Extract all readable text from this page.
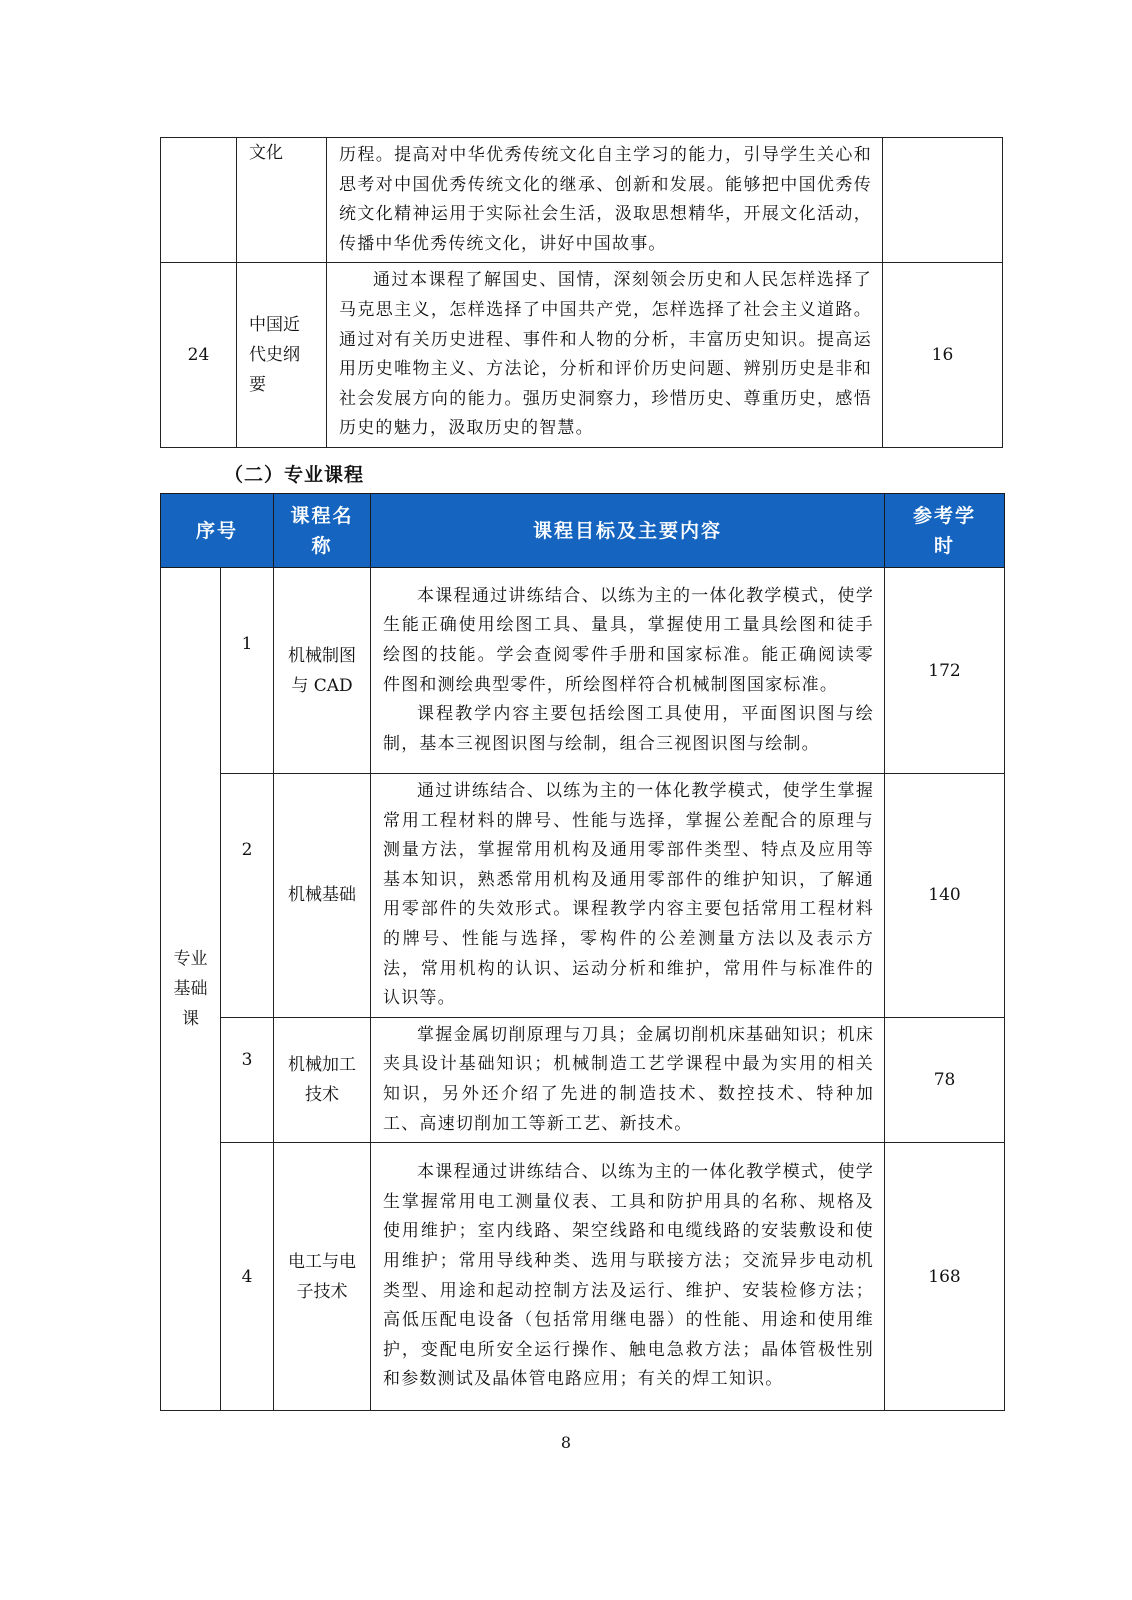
	文化	历程。提高对中华优秀传统文化自主学习的能力，引导学生关心和思考对中国优秀传统文化的继承、创新和发展。能够把中国优秀传统文化精神运用于实际社会生活，汲取思想精华，开展文化活动，传播中华优秀传统文化，讲好中国故事。	

24	中国近代史纲要	通过本课程了解国史、国情，深刻领会历史和人民怎样选择了马克思主义，怎样选择了中国共产党，怎样选择了社会主义道路。通过对有关历史进程、事件和人物的分析，丰富历史知识。提高运用历史唯物主义、方法论，分析和评价历史问题、辨别历史是非和社会发展方向的能力。强历史洞察力，珍惜历史、尊重历史，感悟历史的魅力，汲取历史的智慧。	16
（二）专业课程
序号		课程名称	课程目标及主要内容	参考学时
专业基础课	1	机械制图与 CAD	本课程通过讲练结合、以练为主的一体化教学模式，使学生能正确使用绘图工具、量具，掌握使用工量具绘图和徒手绘图的技能。学会查阅零件手册和国家标准。能正确阅读零件图和测绘典型零件，所绘图样符合机械制图国家标准。

课程教学内容主要包括绘图工具使用，平面图识图与绘制，基本三视图识图与绘制，组合三视图识图与绘制。	172
	2	机械基础	通过讲练结合、以练为主的一体化教学模式，使学生掌握常用工程材料的牌号、性能与选择，掌握公差配合的原理与测量方法，掌握常用机构及通用零部件类型、特点及应用等基本知识，熟悉常用机构及通用零部件的维护知识，了解通用零部件的失效形式。课程教学内容主要包括常用工程材料的牌号、性能与选择，零构件的公差测量方法以及表示方法，常用机构的认识、运动分析和维护，常用件与标准件的认识等。	140
	3	机械加工技术	掌握金属切削原理与刀具；金属切削机床基础知识；机床夹具设计基础知识；机械制造工艺学课程中最为实用的相关知识，另外还介绍了先进的制造技术、数控技术、特种加工、高速切削加工等新工艺、新技术。	78
	4	电工与电子技术	本课程通过讲练结合、以练为主的一体化教学模式，使学生掌握常用电工测量仪表、工具和防护用具的名称、规格及使用维护；室内线路、架空线路和电缆线路的安装敷设和使用维护；常用导线种类、选用与联接方法；交流异步电动机类型、用途和起动控制方法及运行、维护、安装检修方法；高低压配电设备（包括常用继电器）的性能、用途和使用维护，变配电所安全运行操作、触电急救方法；晶体管极性别和参数测试及晶体管电路应用；有关的焊工知识。	168
8
